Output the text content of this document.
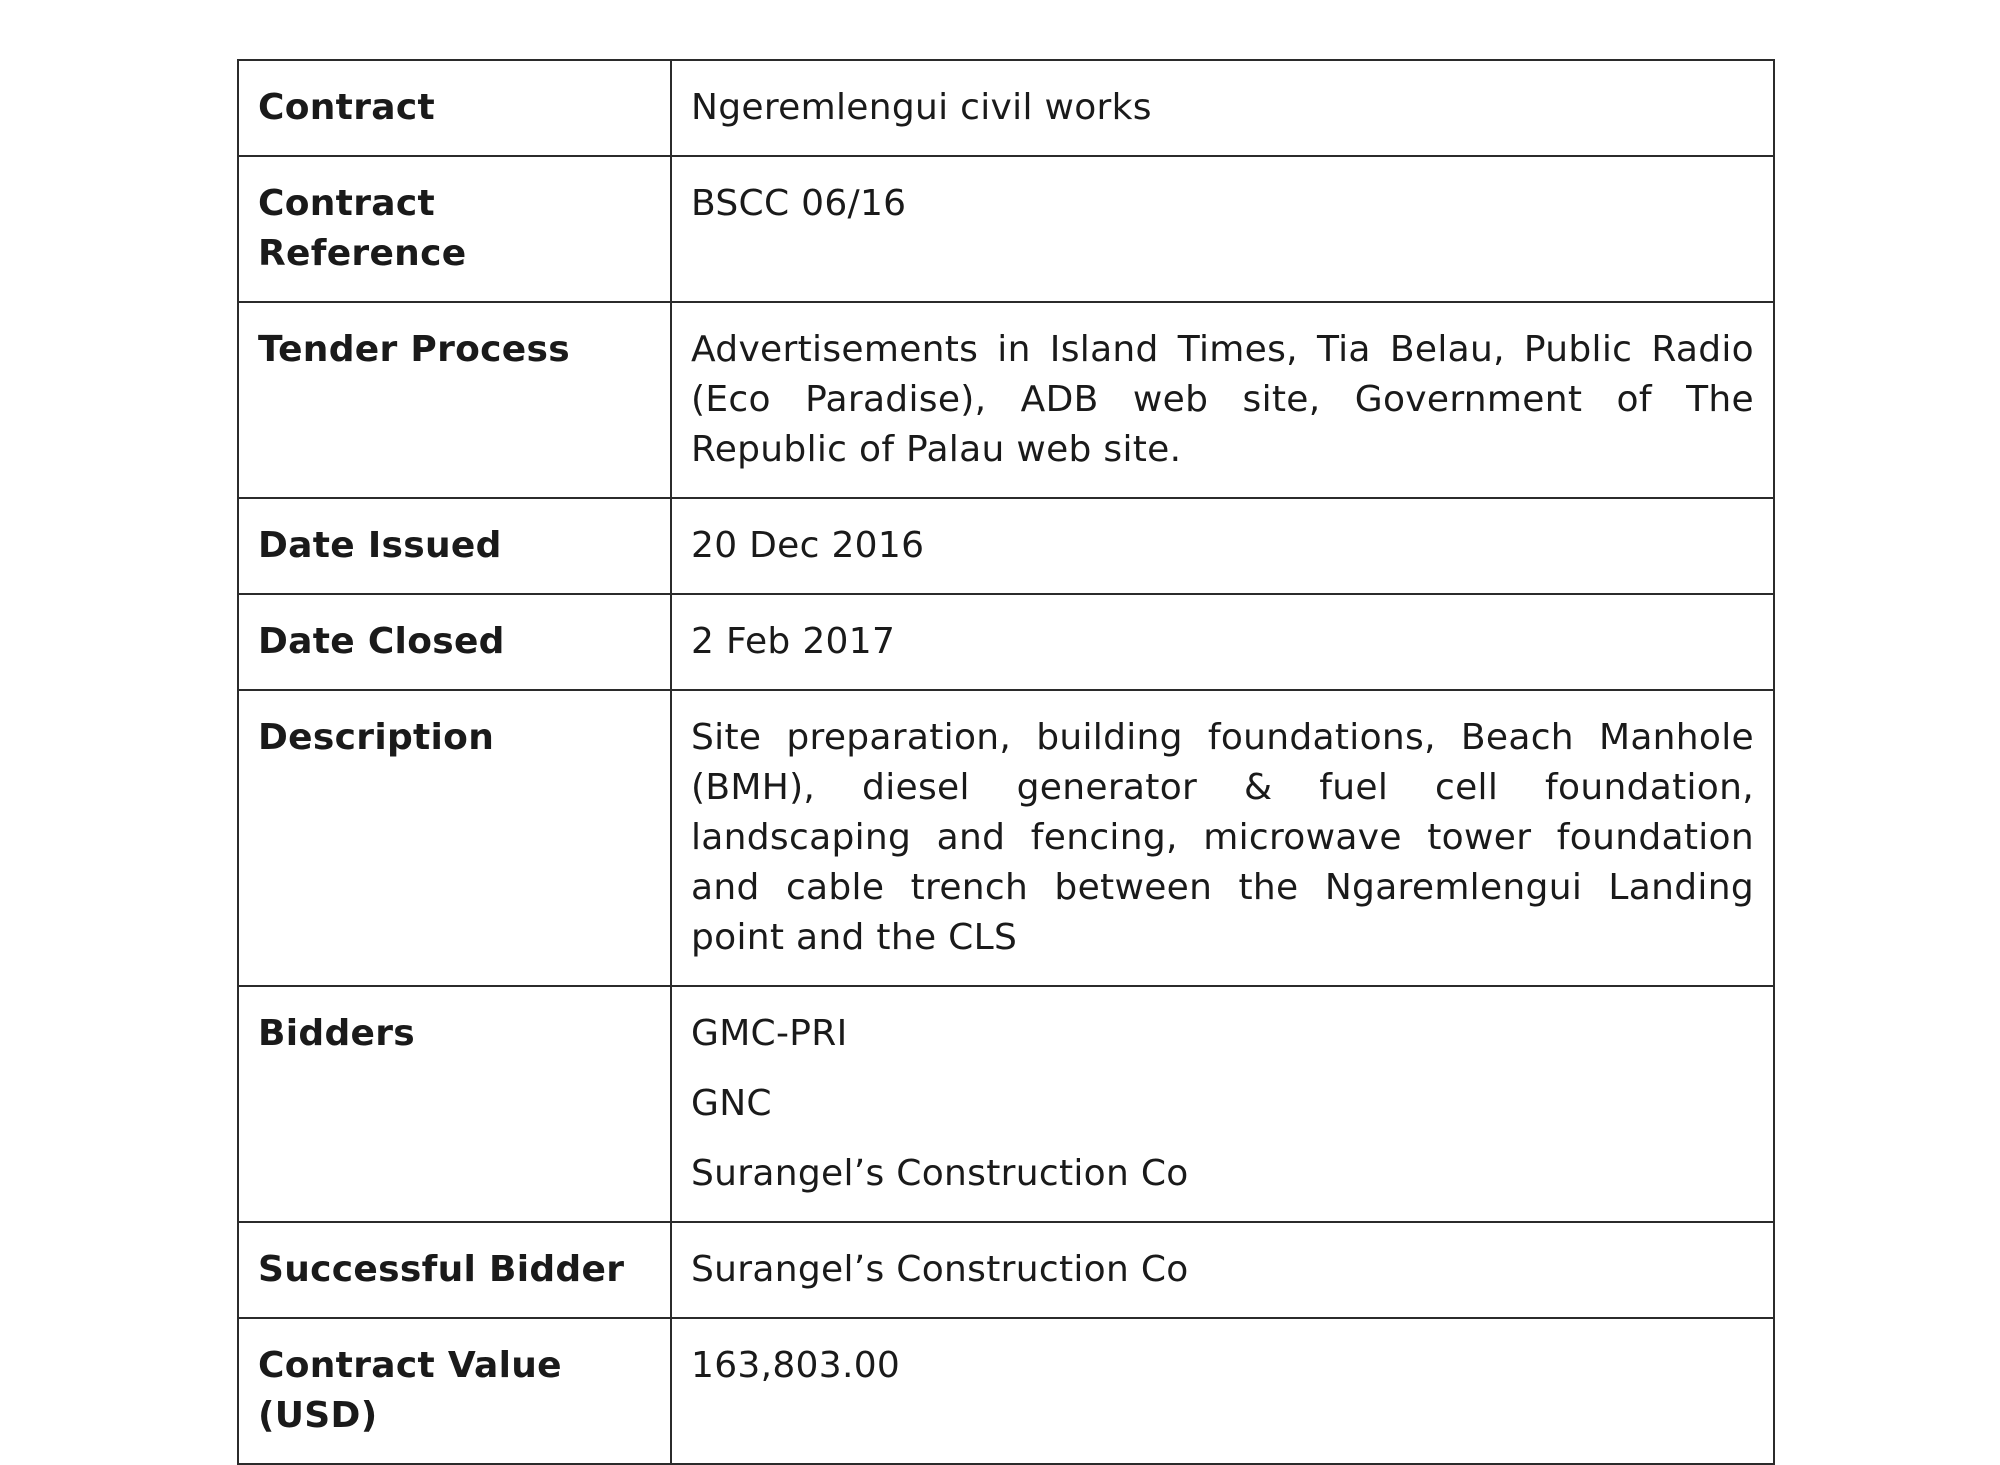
Contract	Ngeremlengui civil works
Contract Reference	BSCC 06/16
Tender Process	Advertisements in Island Times, Tia Belau, Public Radio (Eco Paradise), ADB web site, Government of The Republic of Palau web site.
Date Issued	20 Dec 2016
Date Closed	2 Feb 2017
Description	Site preparation, building foundations, Beach Manhole (BMH), diesel generator & fuel cell foundation, landscaping and fencing, microwave tower foundation and cable trench between the Ngaremlengui Landing point and the CLS
Bidders	GMC-PRI
GNC
Surangel’s Construction Co

Successful Bidder	Surangel’s Construction Co
Contract Value (USD)	163,803.00
